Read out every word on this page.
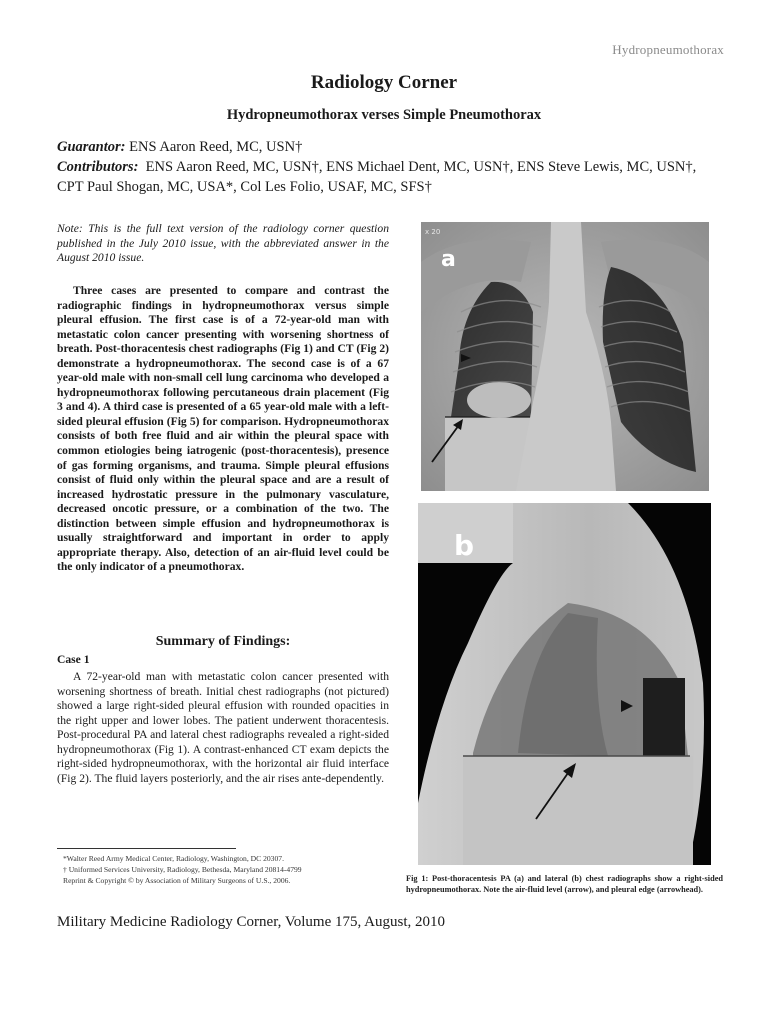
Hydropneumothorax
Radiology Corner
Hydropneumothorax verses Simple Pneumothorax
Guarantor: ENS Aaron Reed, MC, USN†
Contributors:  ENS Aaron Reed, MC, USN†, ENS Michael Dent, MC, USN†, ENS Steve Lewis, MC, USN†,
CPT Paul Shogan, MC, USA*, Col Les Folio, USAF, MC, SFS†

Note: This is the full text version of the radiology corner question published in the July 2010 issue, with the abbreviated answer in the August 2010 issue.

Three cases are presented to compare and contrast the radiographic findings in hydropneumothorax versus simple pleural effusion. The first case is of a 72-year-old man with metastatic colon cancer presenting with worsening shortness of breath. Post-thoracentesis chest radiographs (Fig 1) and CT (Fig 2) demonstrate a hydropneumothorax. The second case is of a 67 year-old male with non-small cell lung carcinoma who developed a hydropneumothorax following percutaneous drain placement (Fig 3 and 4). A third case is presented of a 65 year-old male with a left-sided pleural effusion (Fig 5) for comparison. Hydropneumothorax consists of both free fluid and air within the pleural space with common etiologies being iatrogenic (post-thoracentesis), presence of gas forming organisms, and trauma. Simple pleural effusions consist of fluid only within the pleural space and are a result of increased hydrostatic pressure in the pulmonary vasculature, decreased oncotic pressure, or a combination of the two. The distinction between simple effusion and hydropneumothorax is usually straightforward and important in order to apply appropriate therapy. Also, detection of an air-fluid level could be the only indicator of a pneumothorax.

Summary of Findings:
Case 1

A 72-year-old man with metastatic colon cancer presented with worsening shortness of breath. Initial chest radiographs (not pictured) showed a large right-sided pleural effusion with rounded opacities in the right upper and lower lobes. The patient underwent thoracentesis. Post-procedural PA and lateral chest radiographs revealed a right-sided hydropneumothorax (Fig 1). A contrast-enhanced CT exam depicts the right-sided hydropneumothorax, with the horizontal air fluid interface (Fig 2). The fluid layers posteriorly, and the air rises ante-dependently.

*Walter Reed Army Medical Center, Radiology, Washington, DC 20307.
† Uniformed Services University, Radiology, Bethesda, Maryland 20814-4799
Reprint & Copyright © by Association of Military Surgeons of U.S., 2006.
Military Medicine Radiology Corner, Volume 175, August, 2010
x 20
a
b

Fig 1: Post-thoracentesis PA (a) and lateral (b) chest radiographs show a right-sided hydropneumothorax. Note the air-fluid level (arrow), and pleural edge (arrowhead).
